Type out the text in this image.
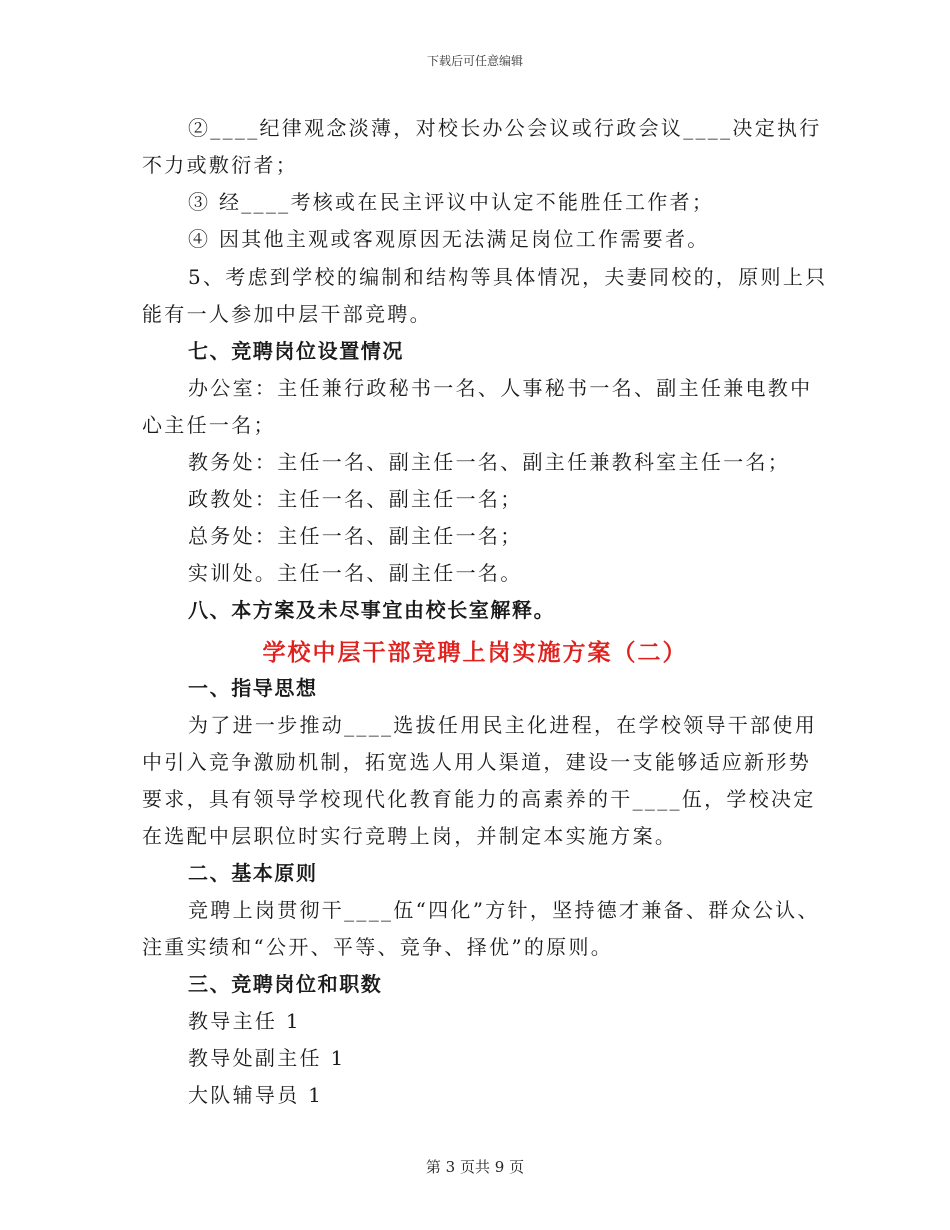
下载后可任意编辑
②____纪律观念淡薄，对校长办公会议或行政会议____决定执行
不力或敷衍者；
③ 经____考核或在民主评议中认定不能胜任工作者；
④ 因其他主观或客观原因无法满足岗位工作需要者。
5、考虑到学校的编制和结构等具体情况，夫妻同校的，原则上只
能有一人参加中层干部竞聘。
七、竞聘岗位设置情况
办公室：主任兼行政秘书一名、人事秘书一名、副主任兼电教中
心主任一名；
教务处：主任一名、副主任一名、副主任兼教科室主任一名；
政教处：主任一名、副主任一名；
总务处：主任一名、副主任一名；
实训处。主任一名、副主任一名。
八、本方案及未尽事宜由校长室解释。
学校中层干部竞聘上岗实施方案（二）
一、指导思想
为了进一步推动____选拔任用民主化进程，在学校领导干部使用
中引入竞争激励机制，拓宽选人用人渠道，建设一支能够适应新形势
要求，具有领导学校现代化教育能力的高素养的干____伍，学校决定
在选配中层职位时实行竞聘上岗，并制定本实施方案。
二、基本原则
竞聘上岗贯彻干____伍“四化”方针，坚持德才兼备、群众公认、
注重实绩和“公开、平等、竞争、择优”的原则。
三、竞聘岗位和职数
教导主任 1
教导处副主任 1
大队辅导员 1
第 3 页共 9 页
